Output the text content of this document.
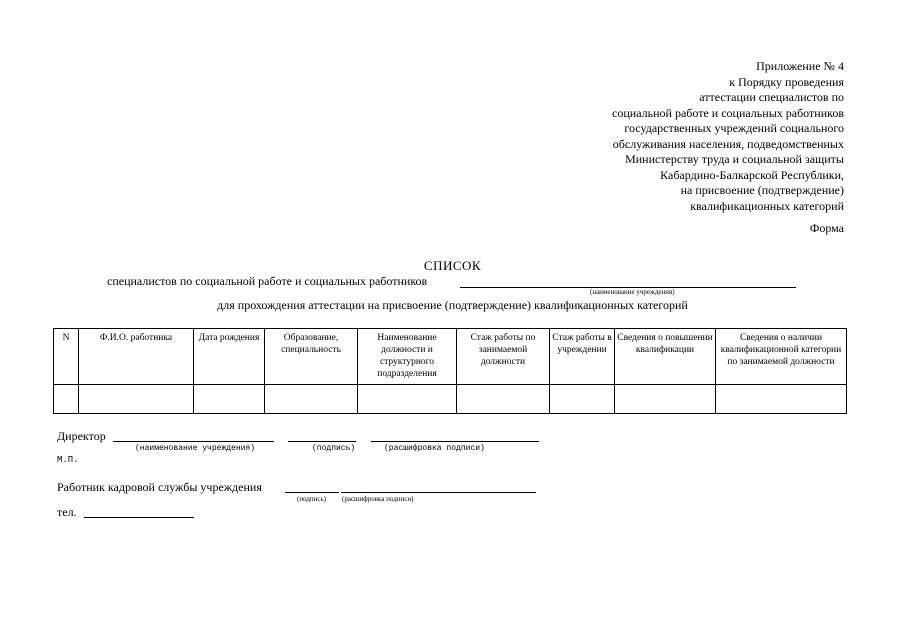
Приложение № 4
к Порядку проведения
аттестации специалистов по
социальной работе и социальных работников
государственных учреждений социального
обслуживания населения, подведомственных
Министерству труда и социальной защиты
Кабардино-Балкарской Республики,
на присвоение (подтверждение)
квалификационных категорий
Форма
СПИСОК
специалистов по социальной работе и социальных работников
(наименование учреждения)
для прохождения аттестации на присвоение (подтверждение) квалификационных категорий
N	Ф.И.О. работника	Дата рождения	Образование, специальность	Наименование должности и структурного подразделения	Стаж работы по занимаемой должности	Стаж работы в учреждении	Сведения о повышении квалификации	Сведения о наличии квалификационной категории по занимаемой должности

Директор
(наименование учреждения)	(подпись)	(расшифровка подписи)
М.П.
Работник кадровой службы учреждения
(подпись) (расшифровка подписи)
тел.
